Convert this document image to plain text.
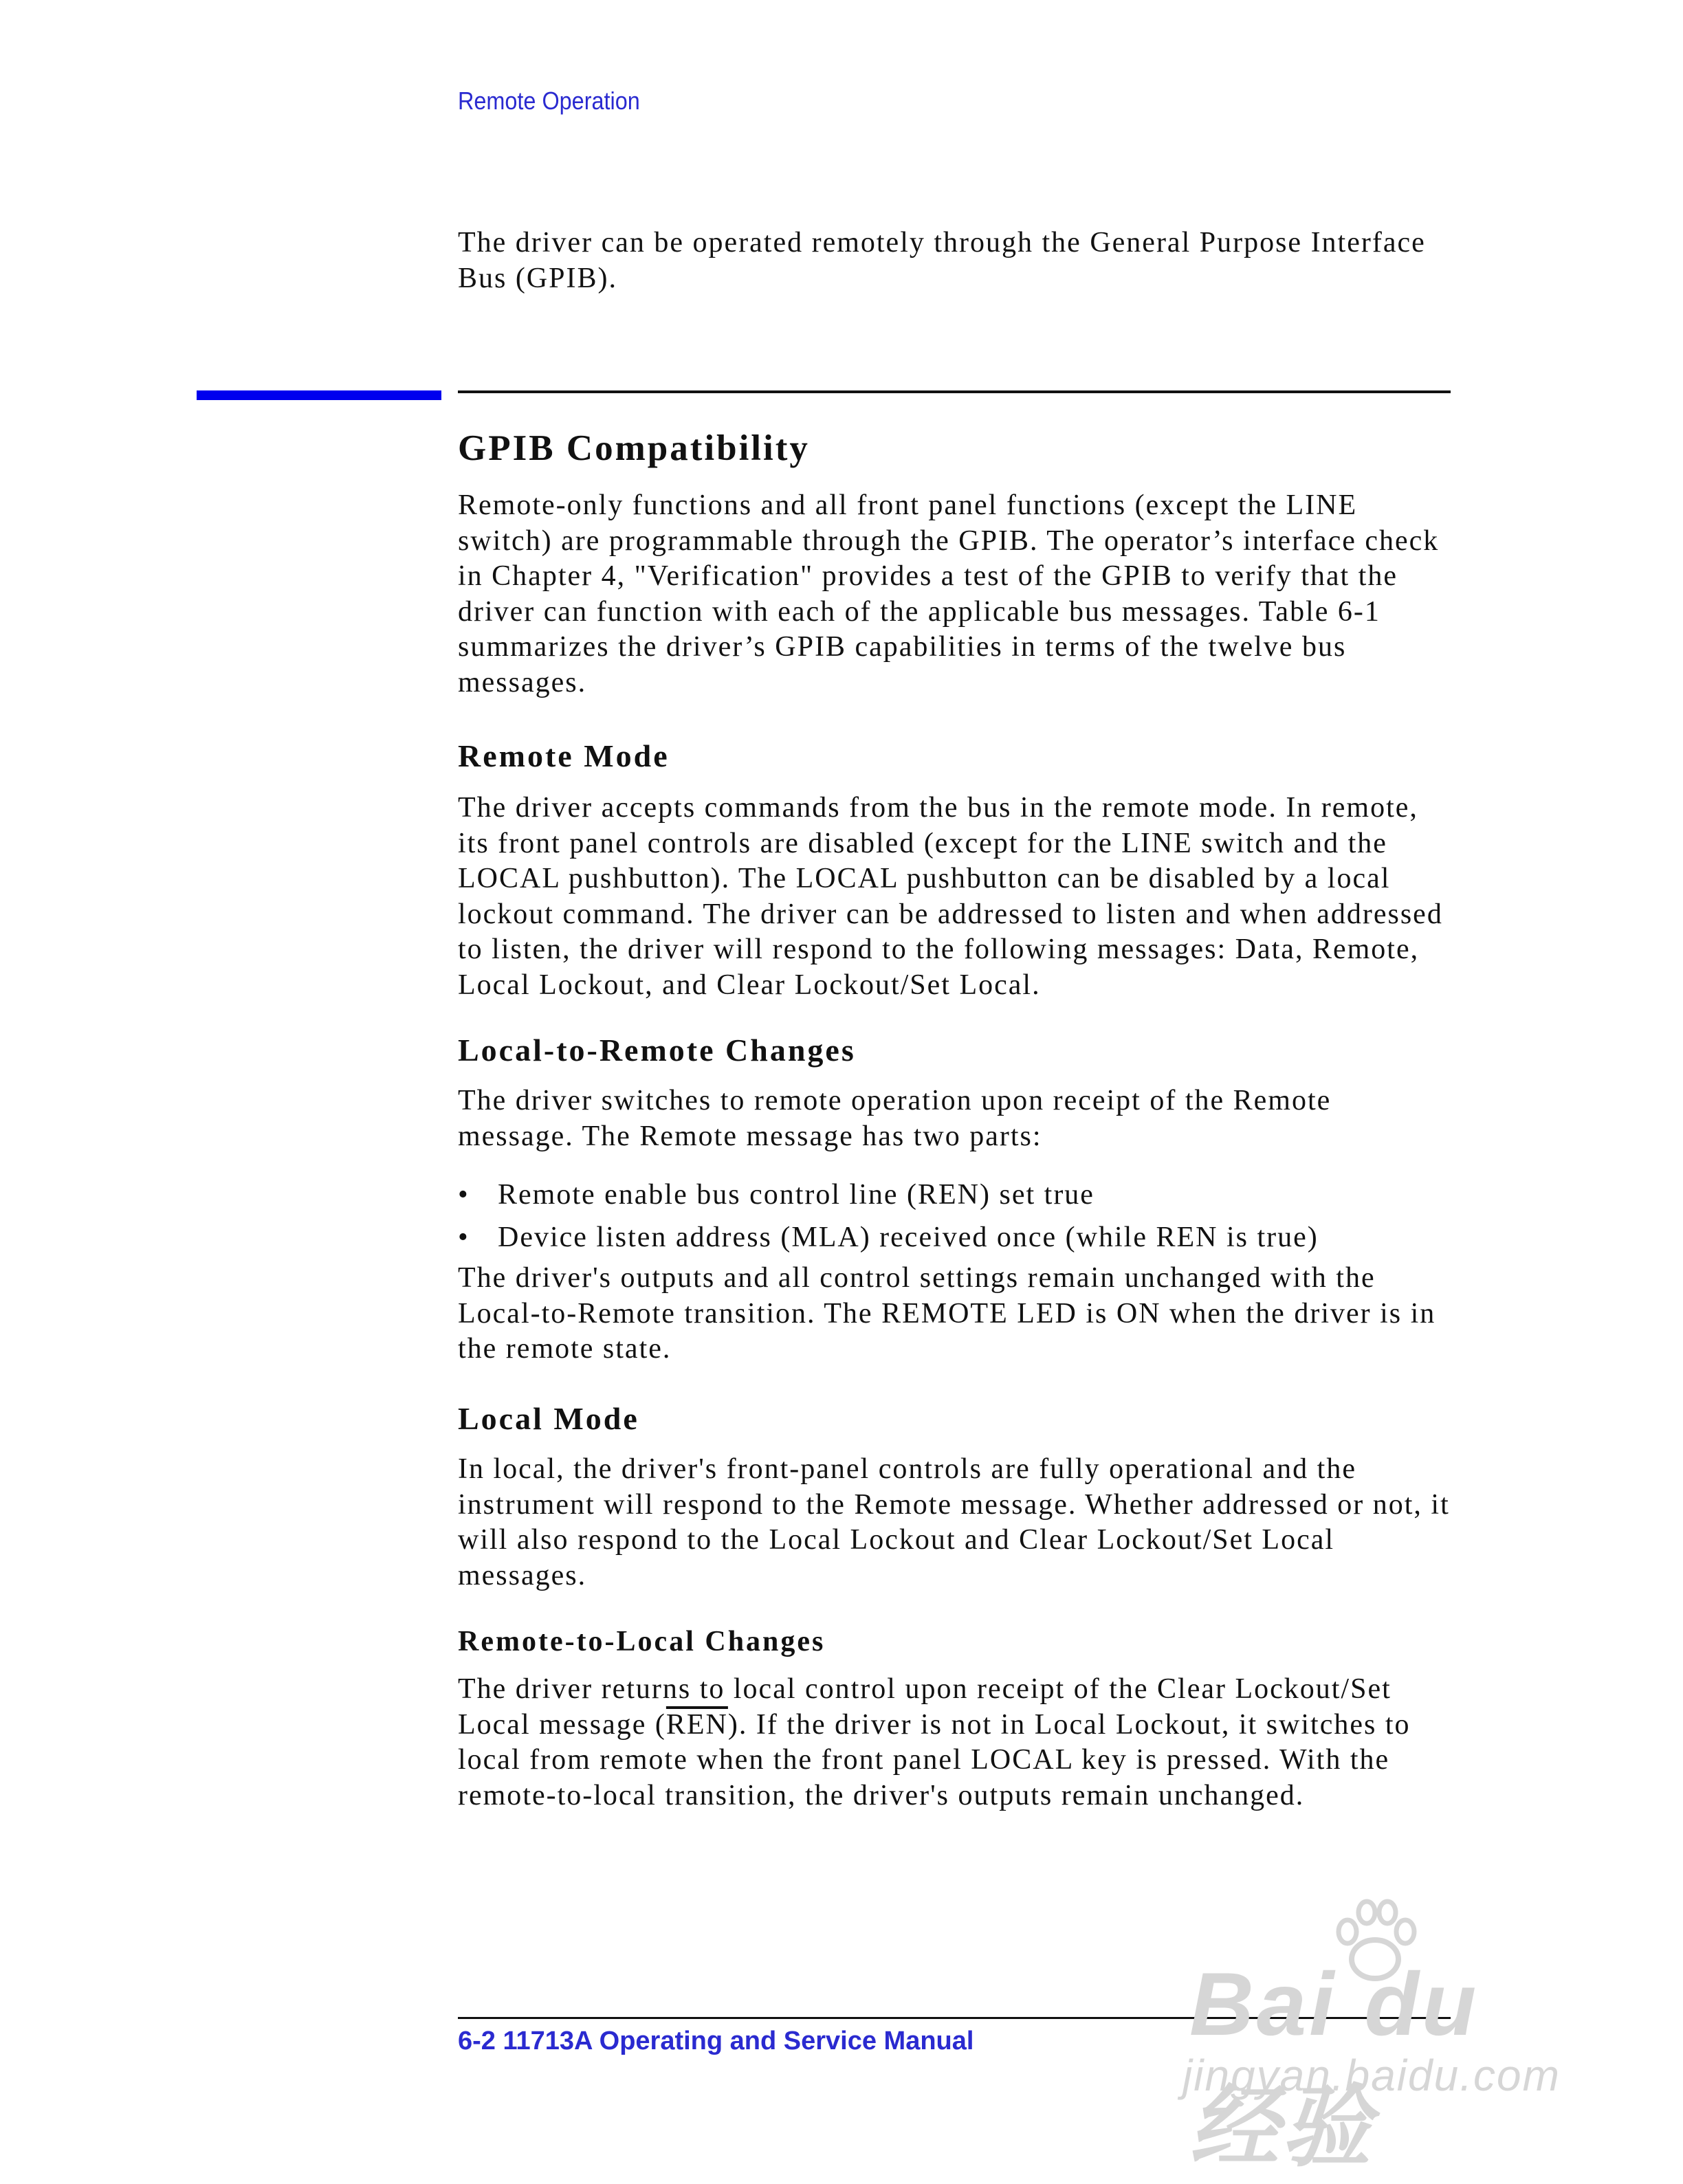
Remote Operation

The driver can be operated remotely through the General Purpose Interface Bus (GPIB).

GPIB Compatibility

Remote-only functions and all front panel functions (except the LINE switch) are programmable through the GPIB. The operator’s interface check in Chapter 4, "Verification" provides a test of the GPIB to verify that the driver can function with each of the applicable bus messages. Table 6-1 summarizes the driver’s GPIB capabilities in terms of the twelve bus messages.

Remote Mode

The driver accepts commands from the bus in the remote mode. In remote, its front panel controls are disabled (except for the LINE switch and the LOCAL pushbutton). The LOCAL pushbutton can be disabled by a local lockout command. The driver can be addressed to listen and when addressed to listen, the driver will respond to the following messages: Data, Remote, Local Lockout, and Clear Lockout/Set Local.

Local-to-Remote Changes

The driver switches to remote operation upon receipt of the Remote message. The Remote message has two parts:

• Remote enable bus control line (REN) set true
• Device listen address (MLA) received once (while REN is true)

The driver's outputs and all control settings remain unchanged with the Local-to-Remote transition. The REMOTE LED is ON when the driver is in the remote state.

Local Mode

In local, the driver's front-panel controls are fully operational and the instrument will respond to the Remote message. Whether addressed or not, it will also respond to the Local Lockout and Clear Lockout/Set Local messages.

Remote-to-Local Changes

The driver returns to local control upon receipt of the Clear Lockout/Set Local message $(\overline{REN})$. If the driver is not in Local Lockout, it switches to local from remote when the front panel LOCAL key is pressed. With the remote-to-local transition, the driver's outputs remain unchanged.

6-2 11713A Operating and Service Manual Bai du 经验
jingyan.baidu.com
